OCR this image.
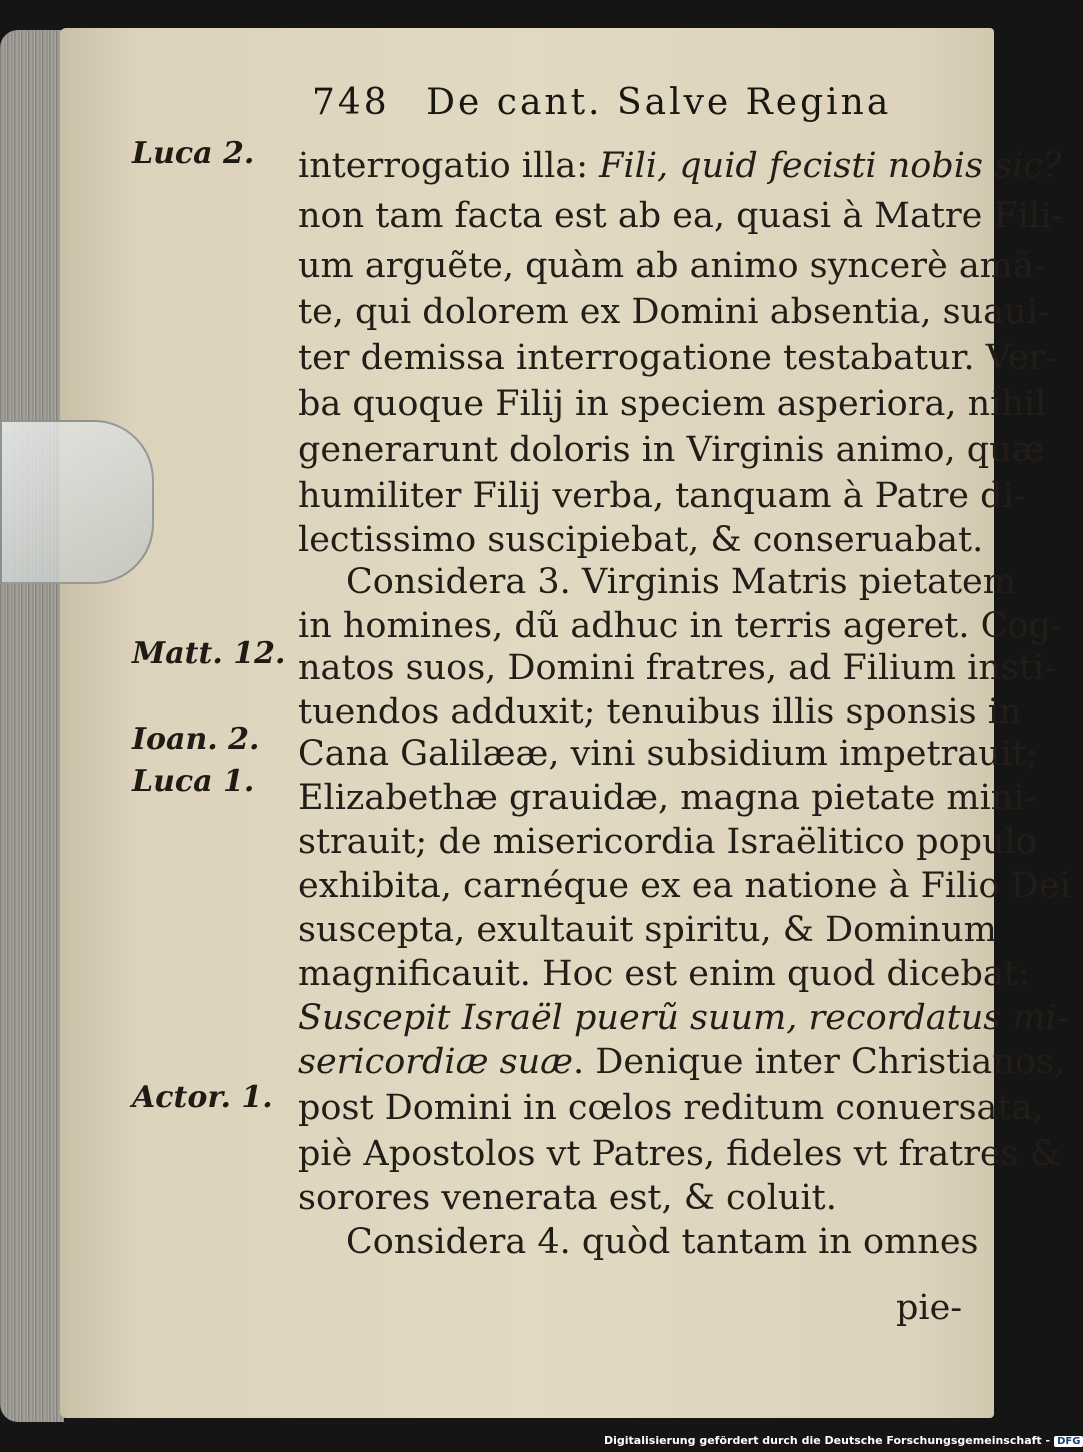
748 De cant. Salve Regina
Luca 2.
Matt. 12.
Ioan. 2.
Luca 1.
Actor. 1.
interrogatio illa: Fili, quid fecisti nobis sic?
non tam facta est ab ea, quasi à Matre Fili-
um arguẽte, quàm ab animo syncerè amã-
te, qui dolorem ex Domini absentia, suaui-
ter demissa interrogatione testabatur. Ver-
ba quoque Filij in speciem asperiora, nihil
generarunt doloris in Virginis animo, quæ
humiliter Filij verba, tanquam à Patre di-
lectissimo suscipiebat, & conseruabat.
Considera 3. Virginis Matris pietatem
in homines, dũ adhuc in terris ageret. Cog-
natos suos, Domini fratres, ad Filium insti-
tuendos adduxit; tenuibus illis sponsis in
Cana Galilææ, vini subsidium impetrauit;
Elizabethæ grauidæ, magna pietate mini-
strauit; de misericordia Israëlitico populo
exhibita, carnéque ex ea natione à Filio Dei
susceptа, exultauit spiritu, & Dominum
magnificauit. Hoc est enim quod dicebat:
Suscepit Israël puerũ suum, recordatus mi-
sericordiæ suæ. Denique inter Christianos,
post Domini in cœlos reditum conuersata,
piè Apostolos vt Patres, fideles vt fratres &
sorores venerata est, & coluit.
Considera 4. quòd tantam in omnes
pie-
Digitalisierung gefördert durch die Deutsche Forschungsgemeinschaft - DFG
